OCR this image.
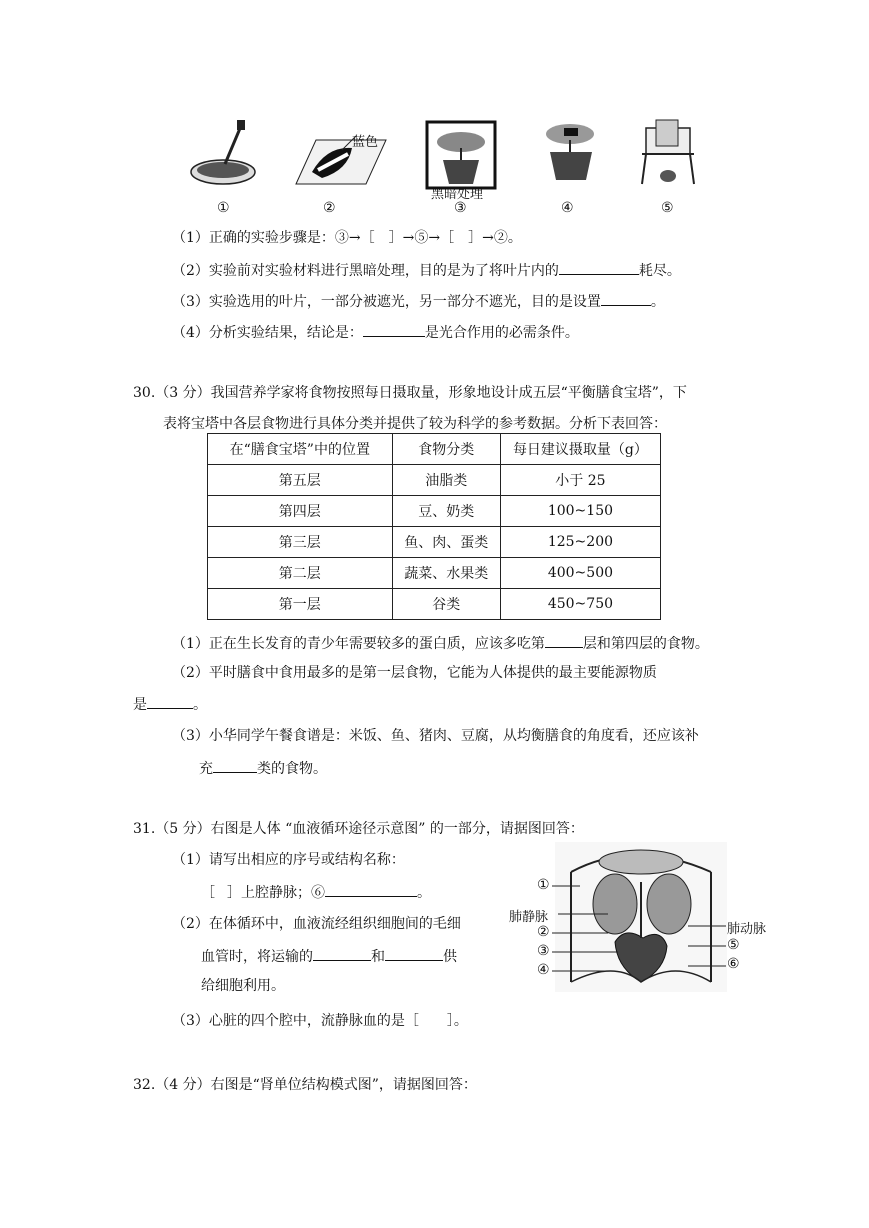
蓝色
黑暗处理
①	②	③	④	⑤
（1）正确的实验步骤是：③→［ ］→⑤→［ ］→②。
（2）实验前对实验材料进行黑暗处理，目的是为了将叶片内的	耗尽。
（3）实验选用的叶片，一部分被遮光，另一部分不遮光，目的是设置	。
（4）分析实验结果，结论是：	是光合作用的必需条件。
30.（3 分）我国营养学家将食物按照每日摄取量，形象地设计成五层“平衡膳食宝塔”，下
表将宝塔中各层食物进行具体分类并提供了较为科学的参考数据。分析下表回答：
在“膳食宝塔”中的位置	食物分类	每日建议摄取量（g）
第五层	油脂类	小于 25
第四层	豆、奶类	100~150
第三层	鱼、肉、蛋类	125~200
第二层	蔬菜、水果类	400~500
第一层	谷类	450~750
（1）正在生长发育的青少年需要较多的蛋白质，应该多吃第	层和第四层的食物。
（2）平时膳食中食用最多的是第一层食物，它能为人体提供的最主要能源物质
是	。
（3）小华同学午餐食谱是：米饭、鱼、猪肉、豆腐，从均衡膳食的角度看，还应该补
充	类的食物。
31.（5 分）右图是人体 “血液循环途径示意图” 的一部分，请据图回答：
（1）请写出相应的序号或结构名称：
［ ］上腔静脉；⑥	。
（2）在体循环中，血液流经组织细胞间的毛细
血管时，将运输的	和	供
给细胞利用。
（3）心脏的四个腔中，流静脉血的是［ ］。
①
肺静脉
②
③
④
肺动脉
⑤
⑥
32.（4 分）右图是“肾单位结构模式图”，请据图回答：
